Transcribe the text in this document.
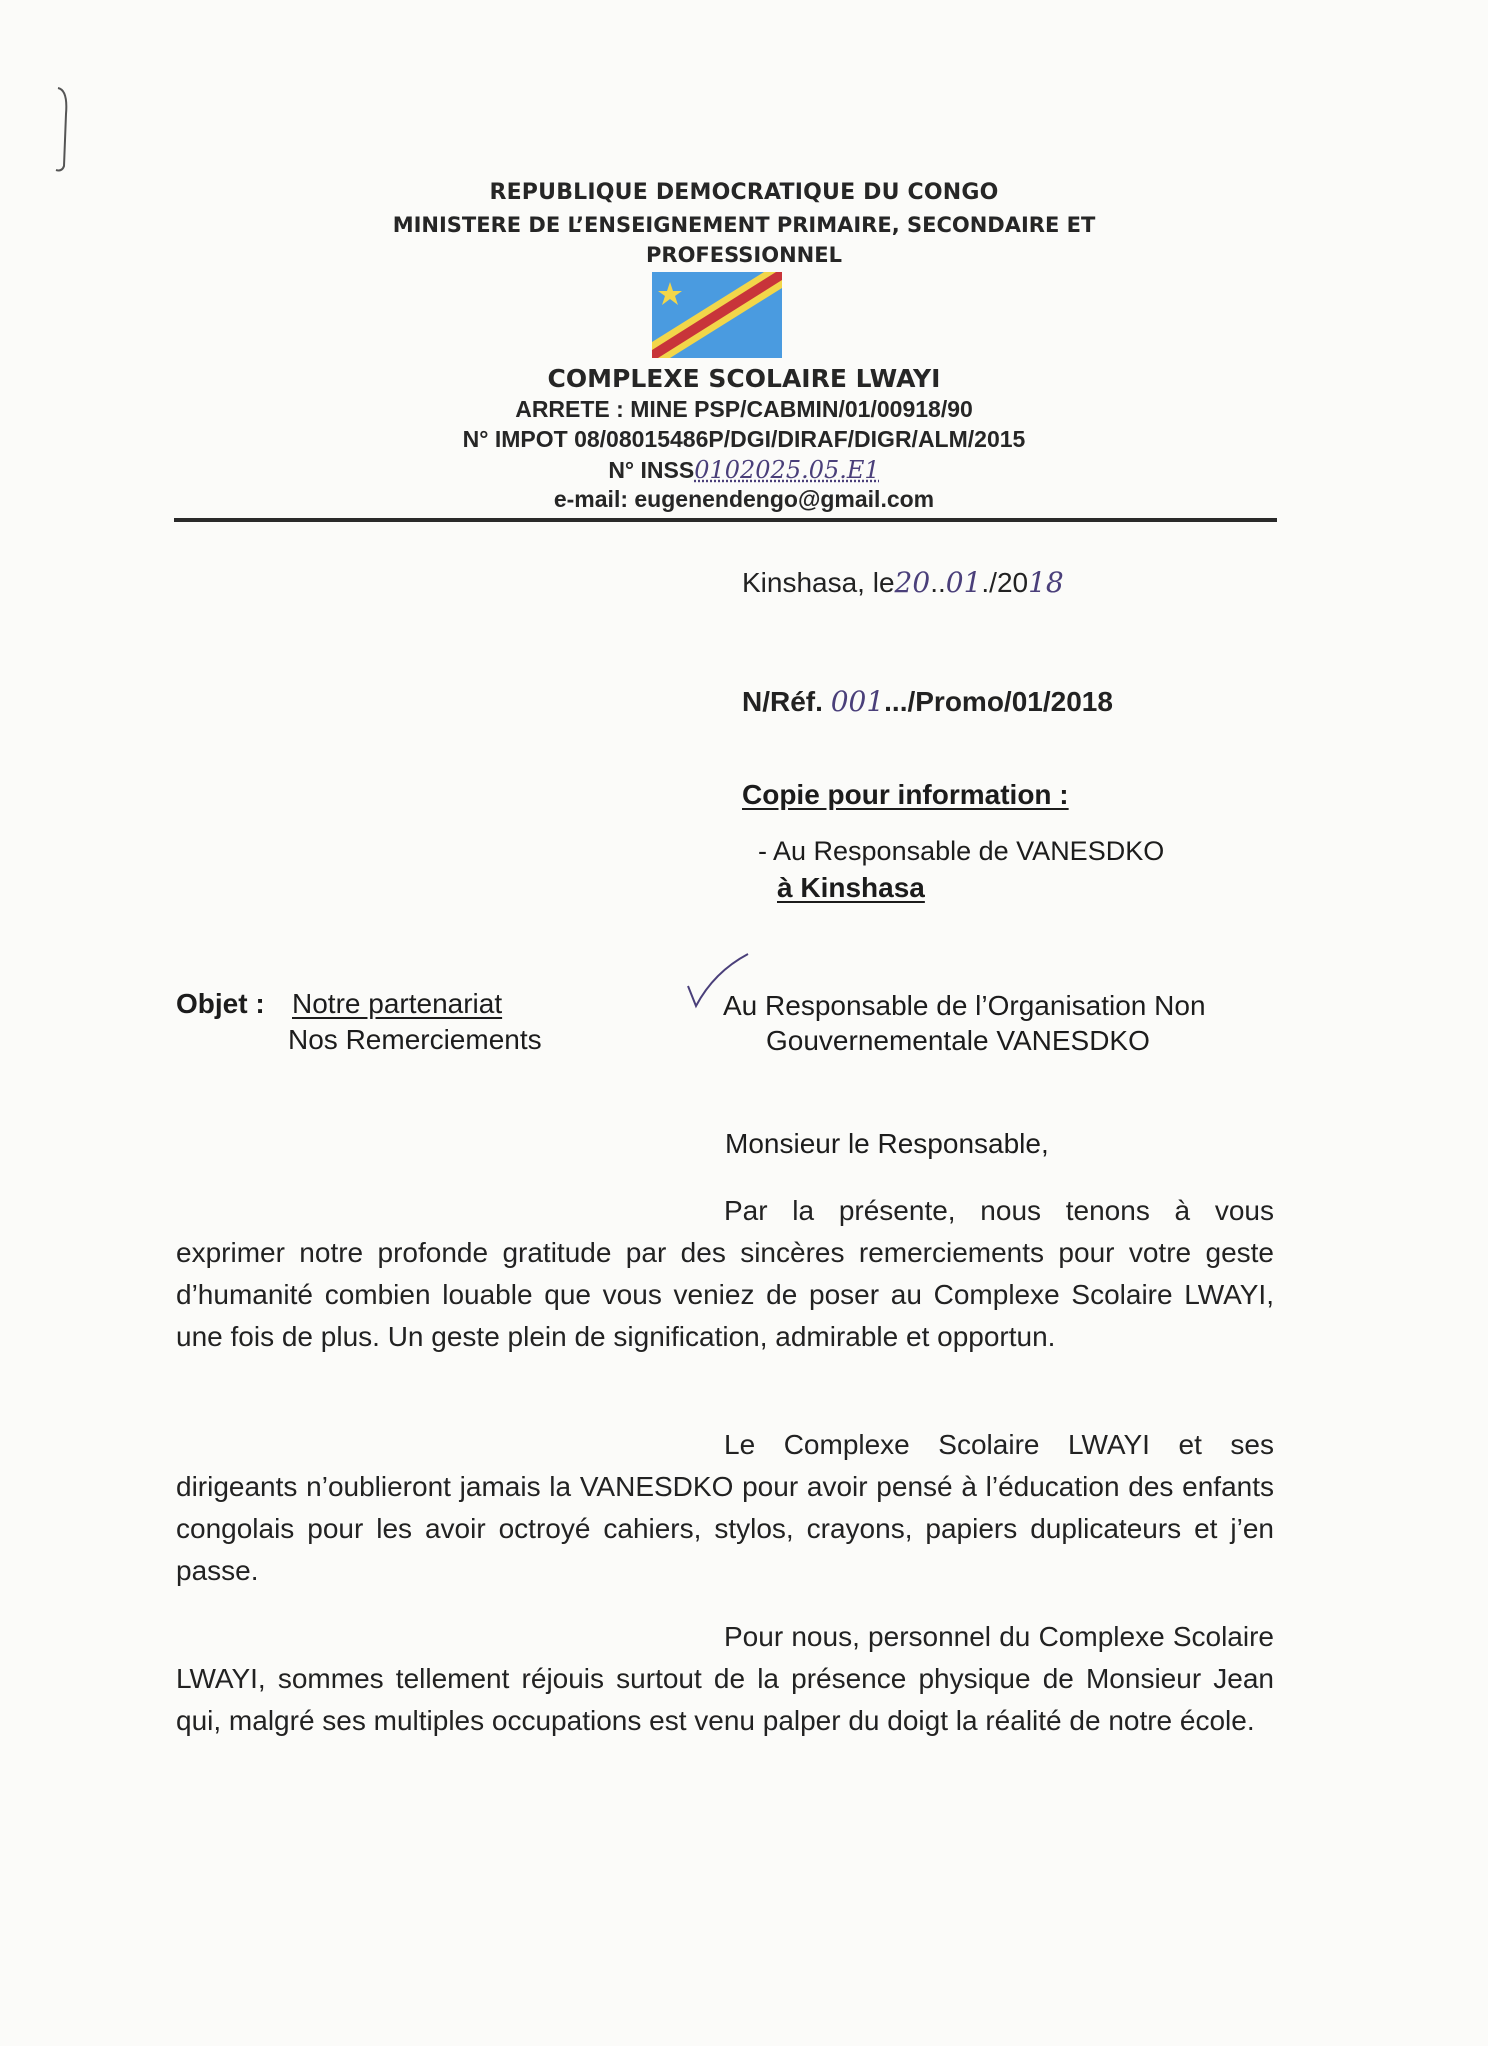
REPUBLIQUE DEMOCRATIQUE DU CONGO
MINISTERE DE L’ENSEIGNEMENT PRIMAIRE, SECONDAIRE ET
PROFESSIONNEL
COMPLEXE SCOLAIRE LWAYI
ARRETE : MINE PSP/CABMIN/01/00918/90
N° IMPOT 08/08015486P/DGI/DIRAF/DIGR/ALM/2015
N° INSS0102025.05.E1
e-mail: eugenendengo@gmail.com
Kinshasa, le20..01./2018
N/Réf. 001.../Promo/01/2018
Copie pour information :
- Au Responsable de VANESDKO
à Kinshasa
Objet : Notre partenariat
Nos Remerciements
Au Responsable de l’Organisation Non
Gouvernementale VANESDKO
Monsieur le Responsable,
Par la présente, nous tenons à vous exprimer notre profonde gratitude par des sincères remerciements pour votre geste d’humanité combien louable que vous veniez de poser au Complexe Scolaire LWAYI, une fois de plus. Un geste plein de signification, admirable et opportun.
Le Complexe Scolaire LWAYI et ses dirigeants n’oublieront jamais la VANESDKO pour avoir pensé à l’éducation des enfants congolais pour les avoir octroyé cahiers, stylos, crayons, papiers duplicateurs et j’en passe.
Pour nous, personnel du Complexe Scolaire LWAYI, sommes tellement réjouis surtout de la présence physique de Monsieur Jean qui, malgré ses multiples occupations est venu palper du doigt la réalité de notre école.
